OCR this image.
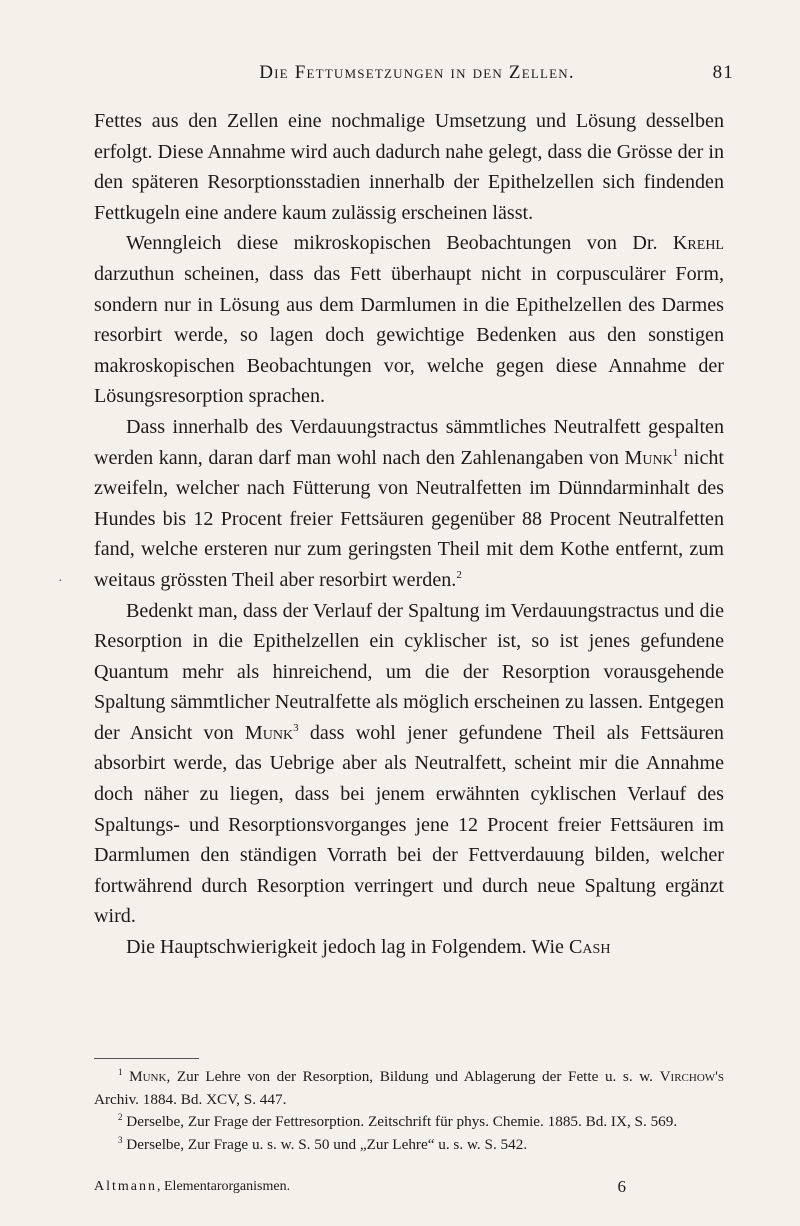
Die Fettumsetzungen in den Zellen.	81

Fettes aus den Zellen eine nochmalige Umsetzung und Lösung desselben erfolgt. Diese Annahme wird auch dadurch nahe gelegt, dass die Grösse der in den späteren Resorptionsstadien innerhalb der Epithelzellen sich findenden Fettkugeln eine andere kaum zulässig erscheinen lässt.

Wenngleich diese mikroskopischen Beobachtungen von Dr. Krehl darzuthun scheinen, dass das Fett überhaupt nicht in corpusculärer Form, sondern nur in Lösung aus dem Darmlumen in die Epithelzellen des Darmes resorbirt werde, so lagen doch gewichtige Bedenken aus den sonstigen makroskopischen Beobachtungen vor, welche gegen diese Annahme der Lösungsresorption sprachen.

Dass innerhalb des Verdauungstractus sämmtliches Neutralfett gespalten werden kann, daran darf man wohl nach den Zahlenangaben von Munk$^1$ nicht zweifeln, welcher nach Fütterung von Neutralfetten im Dünndarminhalt des Hundes bis 12 Procent freier Fettsäuren gegenüber 88 Procent Neutralfetten fand, welche ersteren nur zum geringsten Theil mit dem Kothe entfernt, zum weitaus grössten Theil aber resorbirt werden.$^2$

Bedenkt man, dass der Verlauf der Spaltung im Verdauungstractus und die Resorption in die Epithelzellen ein cyklischer ist, so ist jenes gefundene Quantum mehr als hinreichend, um die der Resorption vorausgehende Spaltung sämmtlicher Neutralfette als möglich erscheinen zu lassen. Entgegen der Ansicht von Munk$^3$ dass wohl jener gefundene Theil als Fettsäuren absorbirt werde, das Uebrige aber als Neutralfett, scheint mir die Annahme doch näher zu liegen, dass bei jenem erwähnten cyklischen Verlauf des Spaltungs- und Resorptionsvorganges jene 12 Procent freier Fettsäuren im Darmlumen den ständigen Vorrath bei der Fettverdauung bilden, welcher fortwährend durch Resorption verringert und durch neue Spaltung ergänzt wird.

Die Hauptschwierigkeit jedoch lag in Folgendem. Wie Cash

$^1$ Munk, Zur Lehre von der Resorption, Bildung und Ablagerung der Fette u. s. w. Virchow's Archiv. 1884. Bd. XCV, S. 447.

$^2$ Derselbe, Zur Frage der Fettresorption. Zeitschrift für phys. Chemie. 1885. Bd. IX, S. 569.

$^3$ Derselbe, Zur Frage u. s. w. S. 50 und „Zur Lehre“ u. s. w. S. 542.

Altmann, Elementarorganismen.	6
·
